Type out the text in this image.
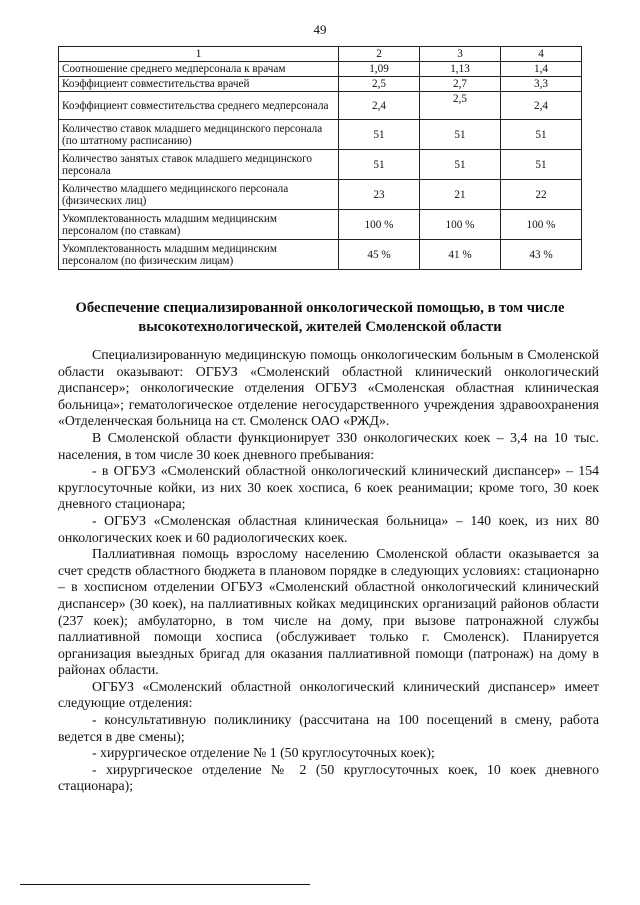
49
1	2	3	4
Соотношение среднего медперсонала к врачам	1,09	1,13	1,4
Коэффициент совместительства врачей	2,5	2,7	3,3
Коэффициент совместительства среднего медперсонала	2,4	2,5	2,4
Количество ставок младшего медицинского персонала (по штатному расписанию)	51	51	51
Количество занятых ставок младшего медицинского персонала	51	51	51
Количество младшего медицинского персонала (физических лиц)	23	21	22
Укомплектованность младшим медицинским персоналом (по ставкам)	100 %	100 %	100 %
Укомплектованность младшим медицинским персоналом (по физическим лицам)	45 %	41 %	43 %
Обеспечение специализированной онкологической помощью, в том числе высокотехнологической, жителей Смоленской области

Специализированную медицинскую помощь онкологическим больным в Смоленской области оказывают: ОГБУЗ «Смоленский областной клинический онкологический диспансер»; онкологические отделения ОГБУЗ «Смоленская областная клиническая больница»; гематологическое отделение негосударственного учреждения здравоохранения «Отделенческая больница на ст. Смоленск ОАО «РЖД».

В Смоленской области функционирует 330 онкологических коек – 3,4 на 10 тыс. населения, в том числе 30 коек дневного пребывания:

- в ОГБУЗ «Смоленский областной онкологический клинический диспансер» – 154 круглосуточные койки, из них 30 коек хосписа, 6 коек реанимации; кроме того, 30 коек дневного стационара;

- ОГБУЗ «Смоленская областная клиническая больница» – 140 коек, из них 80 онкологических коек и 60 радиологических коек.

Паллиативная помощь взрослому населению Смоленской области оказывается за счет средств областного бюджета в плановом порядке в следующих условиях: стационарно – в хосписном отделении ОГБУЗ «Смоленский областной онкологический клинический диспансер» (30 коек), на паллиативных койках медицинских организаций районов области (237 коек); амбулаторно, в том числе на дому, при вызове патронажной службы паллиативной помощи хосписа (обслуживает только г. Смоленск). Планируется организация выездных бригад для оказания паллиативной помощи (патронаж) на дому в районах области.

ОГБУЗ «Смоленский областной онкологический клинический диспансер» имеет следующие отделения:

- консультативную поликлинику (рассчитана на 100 посещений в смену, работа ведется в две смены);

- хирургическое отделение № 1 (50 круглосуточных коек);

- хирургическое отделение № 2 (50 круглосуточных коек, 10 коек дневного стационара);
